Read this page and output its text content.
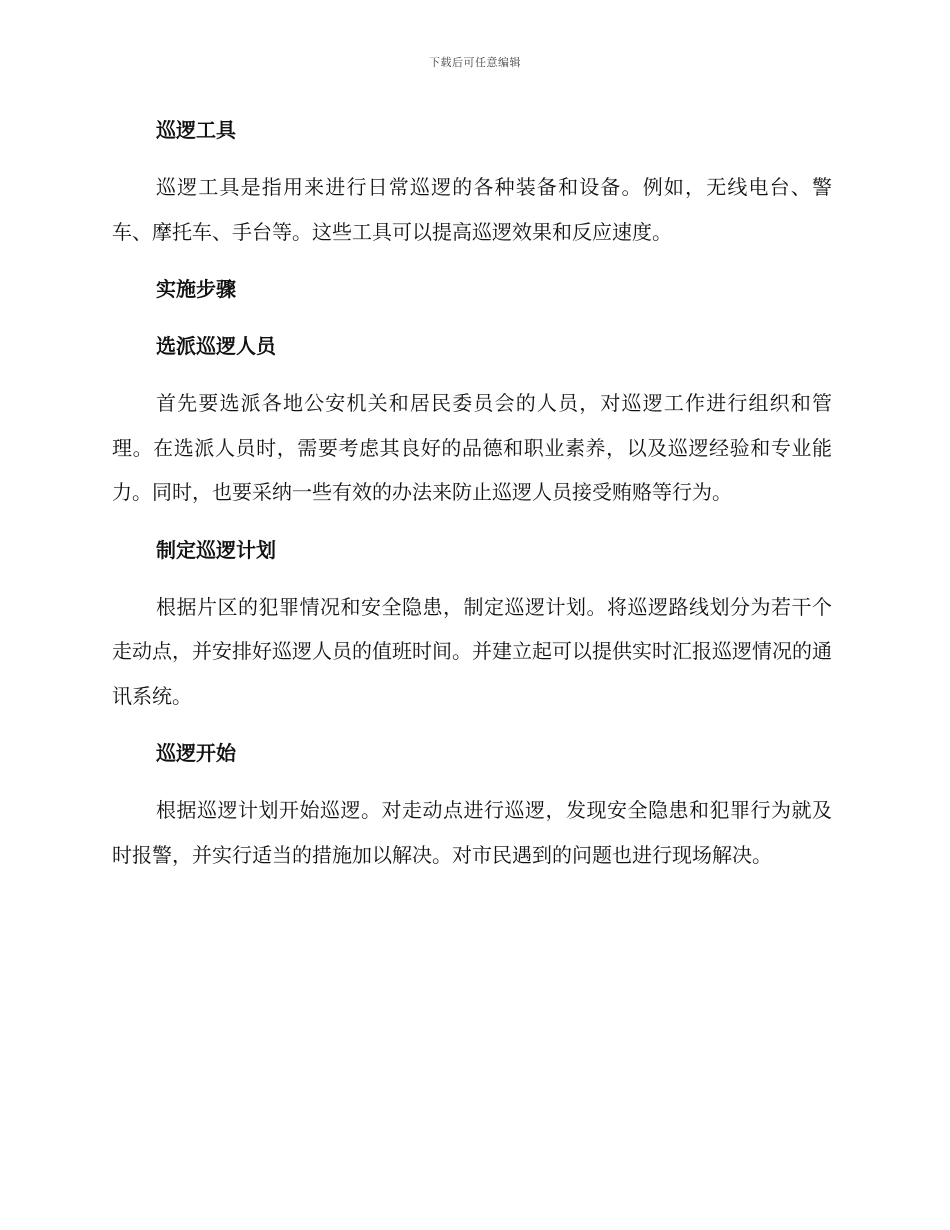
下载后可任意编辑
巡逻工具

巡逻工具是指用来进行日常巡逻的各种装备和设备。例如，无线电台、警车、摩托车、手台等。这些工具可以提高巡逻效果和反应速度。

实施步骤
选派巡逻人员

首先要选派各地公安机关和居民委员会的人员，对巡逻工作进行组织和管理。在选派人员时，需要考虑其良好的品德和职业素养，以及巡逻经验和专业能力。同时，也要采纳一些有效的办法来防止巡逻人员接受贿赂等行为。

制定巡逻计划

根据片区的犯罪情况和安全隐患，制定巡逻计划。将巡逻路线划分为若干个走动点，并安排好巡逻人员的值班时间。并建立起可以提供实时汇报巡逻情况的通讯系统。

巡逻开始

根据巡逻计划开始巡逻。对走动点进行巡逻，发现安全隐患和犯罪行为就及时报警，并实行适当的措施加以解决。对市民遇到的问题也进行现场解决。
